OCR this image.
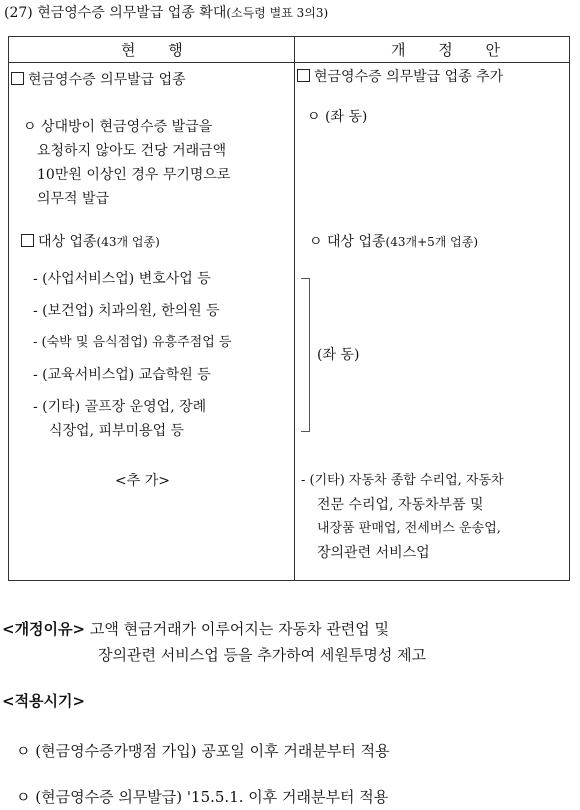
(27) 현금영수증 의무발급 업종 확대(소득령 별표 3의3)
현 행	개 정 안
현금영수증 의무발급 업종
ㅇ 상대방이 현금영수증 발급을
요청하지 않아도 건당 거래금액
10만원 이상인 경우 무기명으로
의무적 발급
대상 업종(43개 업종)
- (사업서비스업) 변호사업 등
- (보건업) 치과의원, 한의원 등
- (숙박 및 음식점업) 유흥주점업 등
- (교육서비스업) 교습학원 등
- (기타) 골프장 운영업, 장례
식장업, 피부미용업 등
<추 가>
현금영수증 의무발급 업종 추가
ㅇ (좌 동)
ㅇ 대상 업종(43개+5개 업종)
(좌 동)
- (기타) 자동차 종합 수리업, 자동차
전문 수리업, 자동차부품 및
내장품 판매업, 전세버스 운송업,
장의관련 서비스업
<개정이유> 고액 현금거래가 이루어지는 자동차 관련업 및
장의관련 서비스업 등을 추가하여 세원투명성 제고
<적용시기>
ㅇ (현금영수증가맹점 가입) 공포일 이후 거래분부터 적용
ㅇ (현금영수증 의무발급) '15.5.1. 이후 거래분부터 적용
